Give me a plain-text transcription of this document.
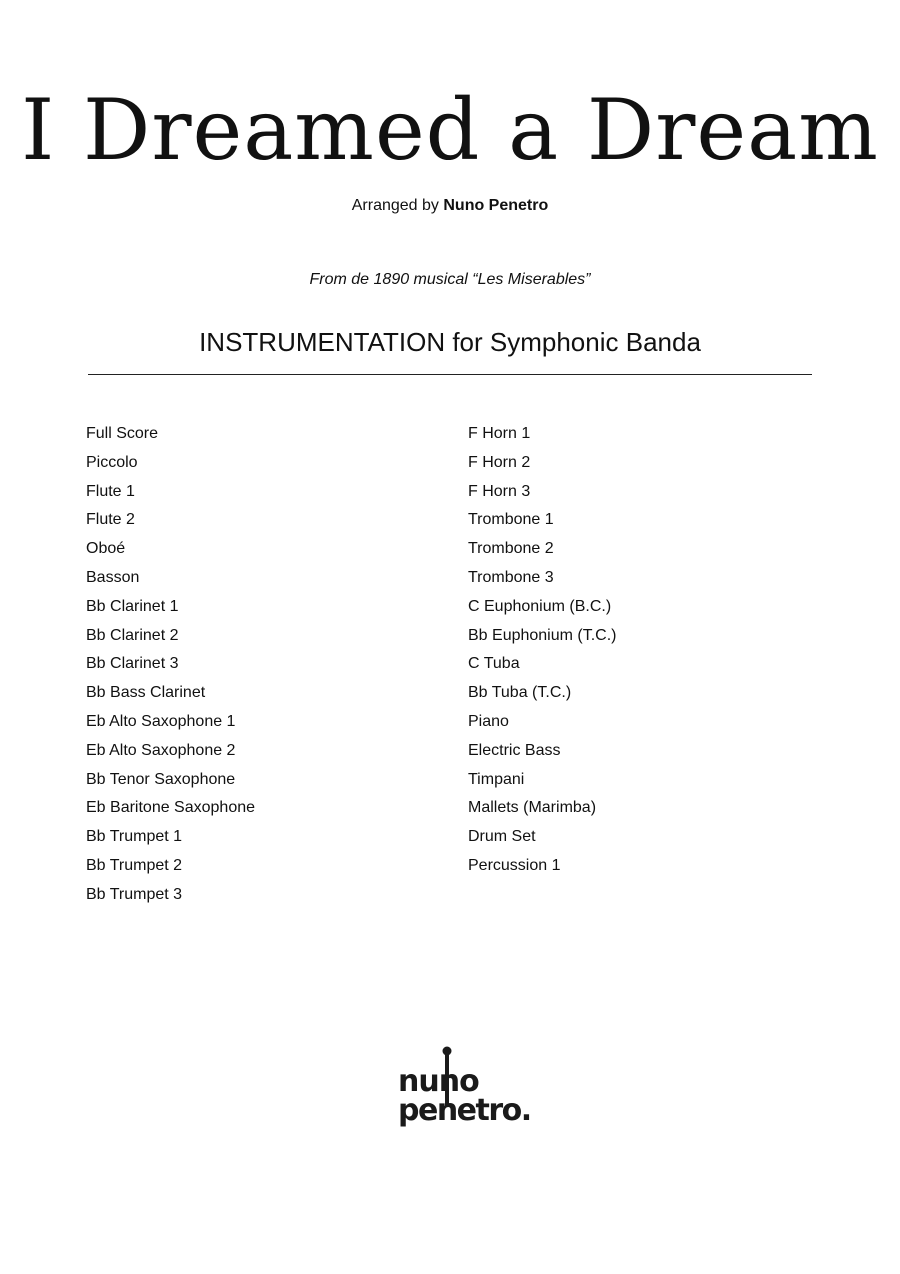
I Dreamed a Dream
Arranged by Nuno Penetro
From de 1890 musical “Les Miserables”
INSTRUMENTATION for Symphonic Banda
Full Score
Piccolo
Flute 1
Flute 2
Oboé
Basson
Bb Clarinet 1
Bb Clarinet 2
Bb Clarinet 3
Bb Bass Clarinet
Eb Alto Saxophone 1
Eb Alto Saxophone 2
Bb Tenor Saxophone
Eb Baritone Saxophone
Bb Trumpet 1
Bb Trumpet 2
Bb Trumpet 3
F Horn 1
F Horn 2
F Horn 3
Trombone 1
Trombone 2
Trombone 3
C Euphonium (B.C.)
Bb Euphonium (T.C.)
C Tuba
Bb Tuba (T.C.)
Piano
Electric Bass
Timpani
Mallets (Marimba)
Drum Set
Percussion 1
nuno
penetro.
